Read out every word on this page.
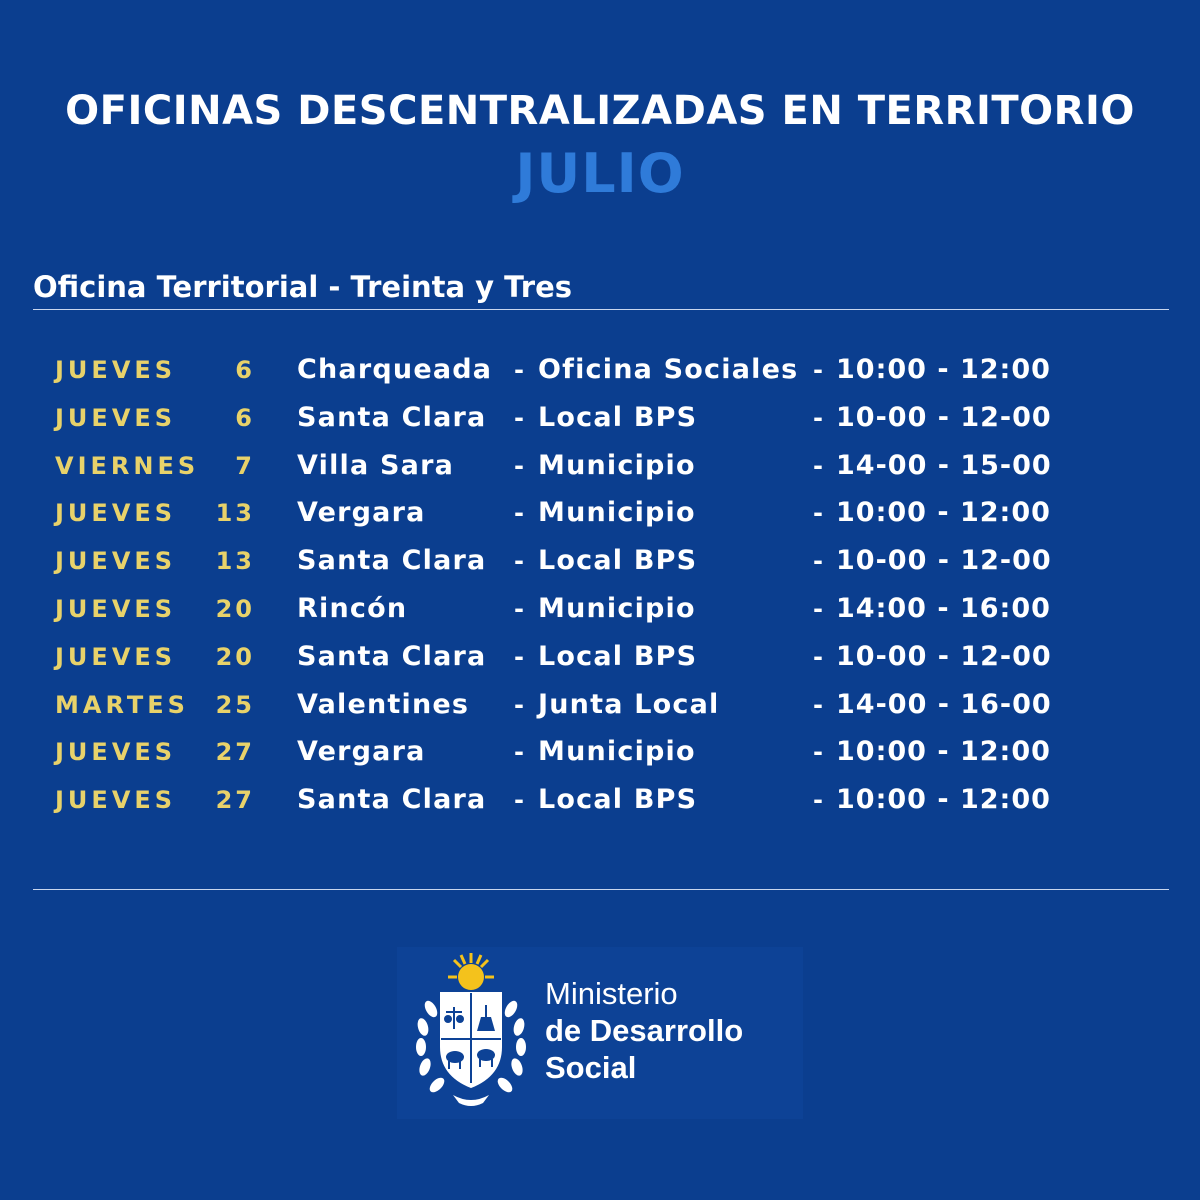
OFICINAS DESCENTRALIZADAS EN TERRITORIO
JULIO
Oficina Territorial - Treinta y Tres
JUEVES	6 Charqueada - Oficina Sociales - 10:00 - 12:00
JUEVES	6 Santa Clara - Local BPS	- 10-00 - 12-00
VIERNES	7 Villa Sara - Municipio	- 14-00 - 15-00
JUEVES	13 Vergara	- Municipio	- 10:00 - 12:00
JUEVES	13 Santa Clara - Local BPS	- 10-00 - 12-00
JUEVES	20 Rincón	- Municipio	- 14:00 - 16:00
JUEVES	20 Santa Clara - Local BPS	- 10-00 - 12-00
MARTES	25 Valentines - Junta Local	- 14-00 - 16-00
JUEVES	27 Vergara	- Municipio	- 10:00 - 12:00
JUEVES	27 Santa Clara - Local BPS	- 10:00 - 12:00
Ministerio
de Desarrollo
Social
